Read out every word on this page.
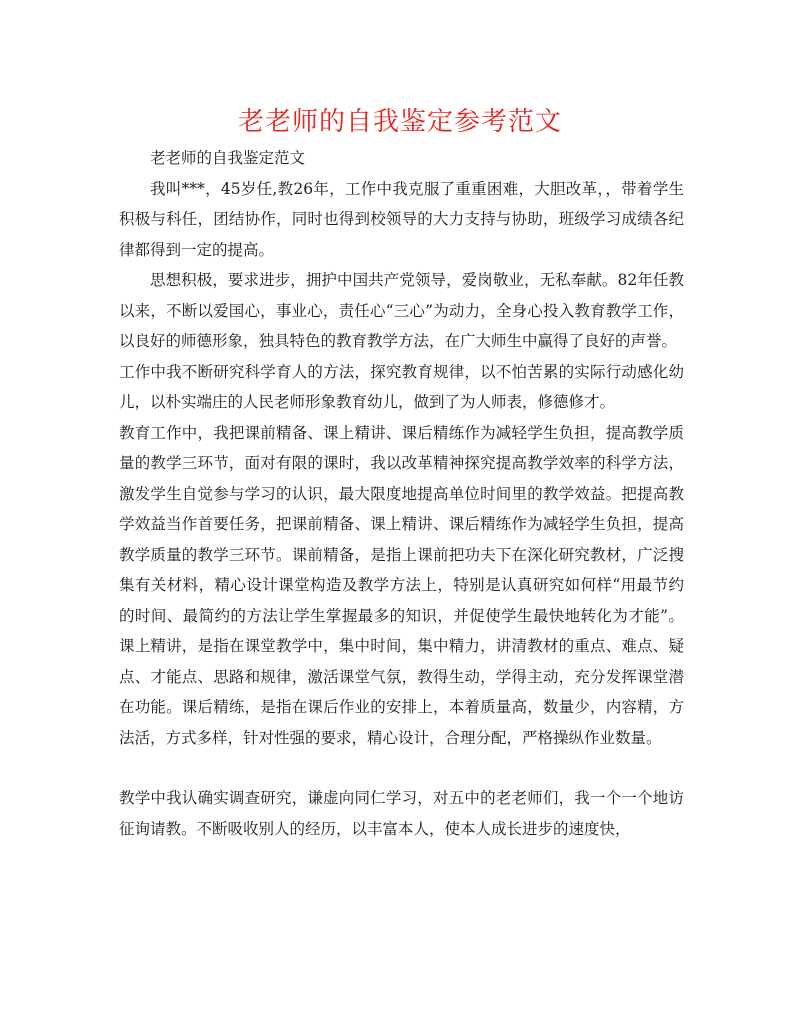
老老师的自我鉴定参考范文

老老师的自我鉴定范文

我叫***，45岁任,教26年，工作中我克服了重重困难，大胆改革，，带着学生积极与科任，团结协作，同时也得到校领导的大力支持与协助，班级学习成绩各纪律都得到一定的提高。

思想积极，要求进步，拥护中国共产党领导，爱岗敬业，无私奉献。82年任教以来，不断以爱国心，事业心，责任心“三心”为动力，全身心投入教育教学工作，以良好的师德形象，独具特色的教育教学方法，在广大师生中赢得了良好的声誉。

工作中我不断研究科学育人的方法，探究教育规律，以不怕苦累的实际行动感化幼儿，以朴实端庄的人民老师形象教育幼儿，做到了为人师表，修德修才。

教育工作中，我把课前精备、课上精讲、课后精练作为减轻学生负担，提高教学质量的教学三环节，面对有限的课时，我以改革精神探究提高教学效率的科学方法，激发学生自觉参与学习的认识，最大限度地提高单位时间里的教学效益。把提高教学效益当作首要任务，把课前精备、课上精讲、课后精练作为减轻学生负担，提高教学质量的教学三环节。课前精备，是指上课前把功夫下在深化研究教材，广泛搜集有关材料，精心设计课堂构造及教学方法上，特别是认真研究如何样“用最节约的时间、最简约的方法让学生掌握最多的知识，并促使学生最快地转化为才能”。课上精讲，是指在课堂教学中，集中时间，集中精力，讲清教材的重点、难点、疑点、才能点、思路和规律，激活课堂气氛，教得生动，学得主动，充分发挥课堂潜在功能。课后精练，是指在课后作业的安排上，本着质量高，数量少，内容精，方法活，方式多样，针对性强的要求，精心设计，合理分配，严格操纵作业数量。

教学中我认确实调查研究，谦虚向同仁学习，对五中的老老师们，我一个一个地访征询请教。不断吸收别人的经历，以丰富本人，使本人成长进步的速度快，
